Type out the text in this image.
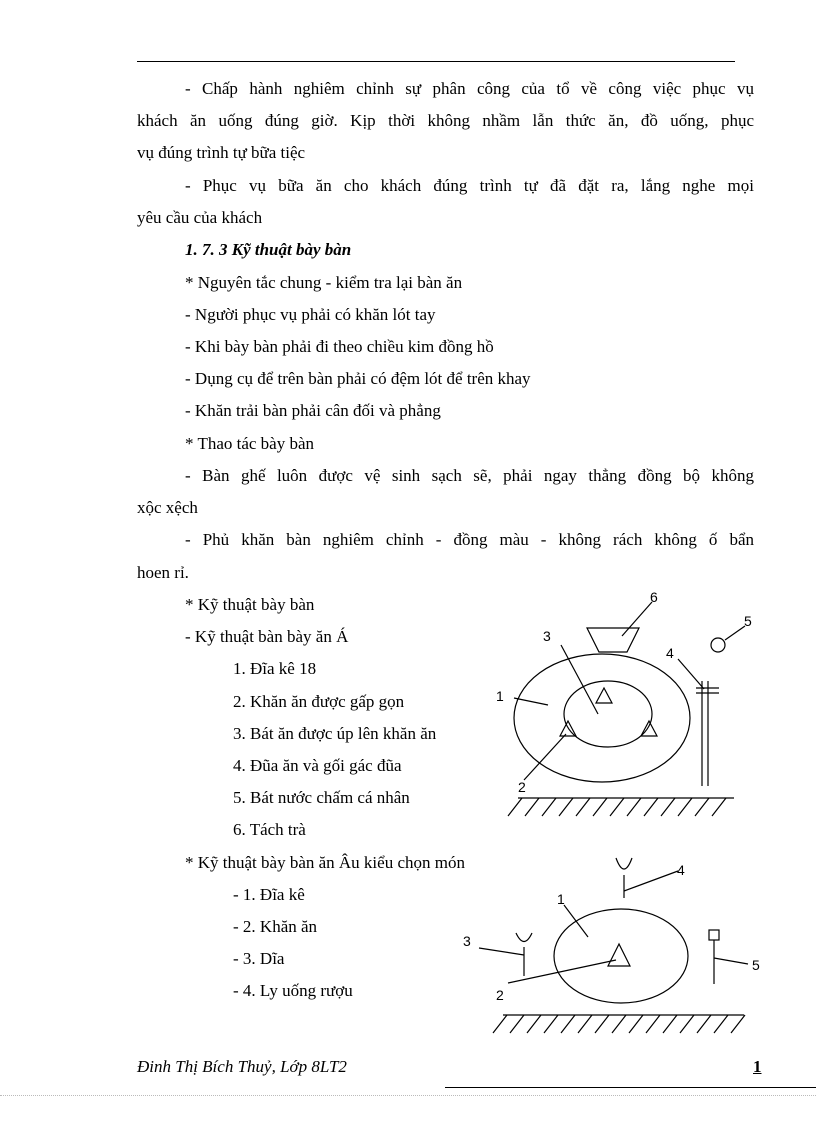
- Chấp hành nghiêm chỉnh sự phân công của tổ về công việc phục vụ
khách ăn uống đúng giờ. Kịp thời không nhầm lẫn thức ăn, đồ uống, phục
vụ đúng trình tự bữa tiệc
- Phục vụ bữa ăn cho khách đúng trình tự đã đặt ra, lắng nghe mọi
yêu cầu của khách
1. 7. 3 Kỹ thuật bày bàn
* Nguyên tắc chung - kiểm tra lại bàn ăn
- Người phục vụ phải có khăn lót tay
- Khi bày bàn phải đi theo chiều kim đồng hồ
- Dụng cụ để trên bàn phải có đệm lót để trên khay
- Khăn trải bàn phải cân đối và phẳng
* Thao tác bày bàn
- Bàn ghế luôn được vệ sinh sạch sẽ, phải ngay thẳng đồng bộ không
xộc xệch
- Phủ khăn bàn nghiêm chỉnh - đồng màu - không rách không ố bẩn
hoen rỉ.
* Kỹ thuật bày bàn
- Kỹ thuật bàn bày ăn Á
1. Đĩa kê 18
2. Khăn ăn được gấp gọn
3. Bát ăn được úp lên khăn ăn
4. Đũa ăn và gối gác đũa
5. Bát nước chấm cá nhân
6. Tách trà
* Kỹ thuật bày bàn ăn Âu kiểu chọn món
- 1. Đĩa kê
- 2. Khăn ăn
- 3. Dĩa
- 4. Ly uống rượu
6
5
3
4
1
2
4
1
3
5
2
Đinh Thị Bích Thuỷ, Lớp 8LT2	1
